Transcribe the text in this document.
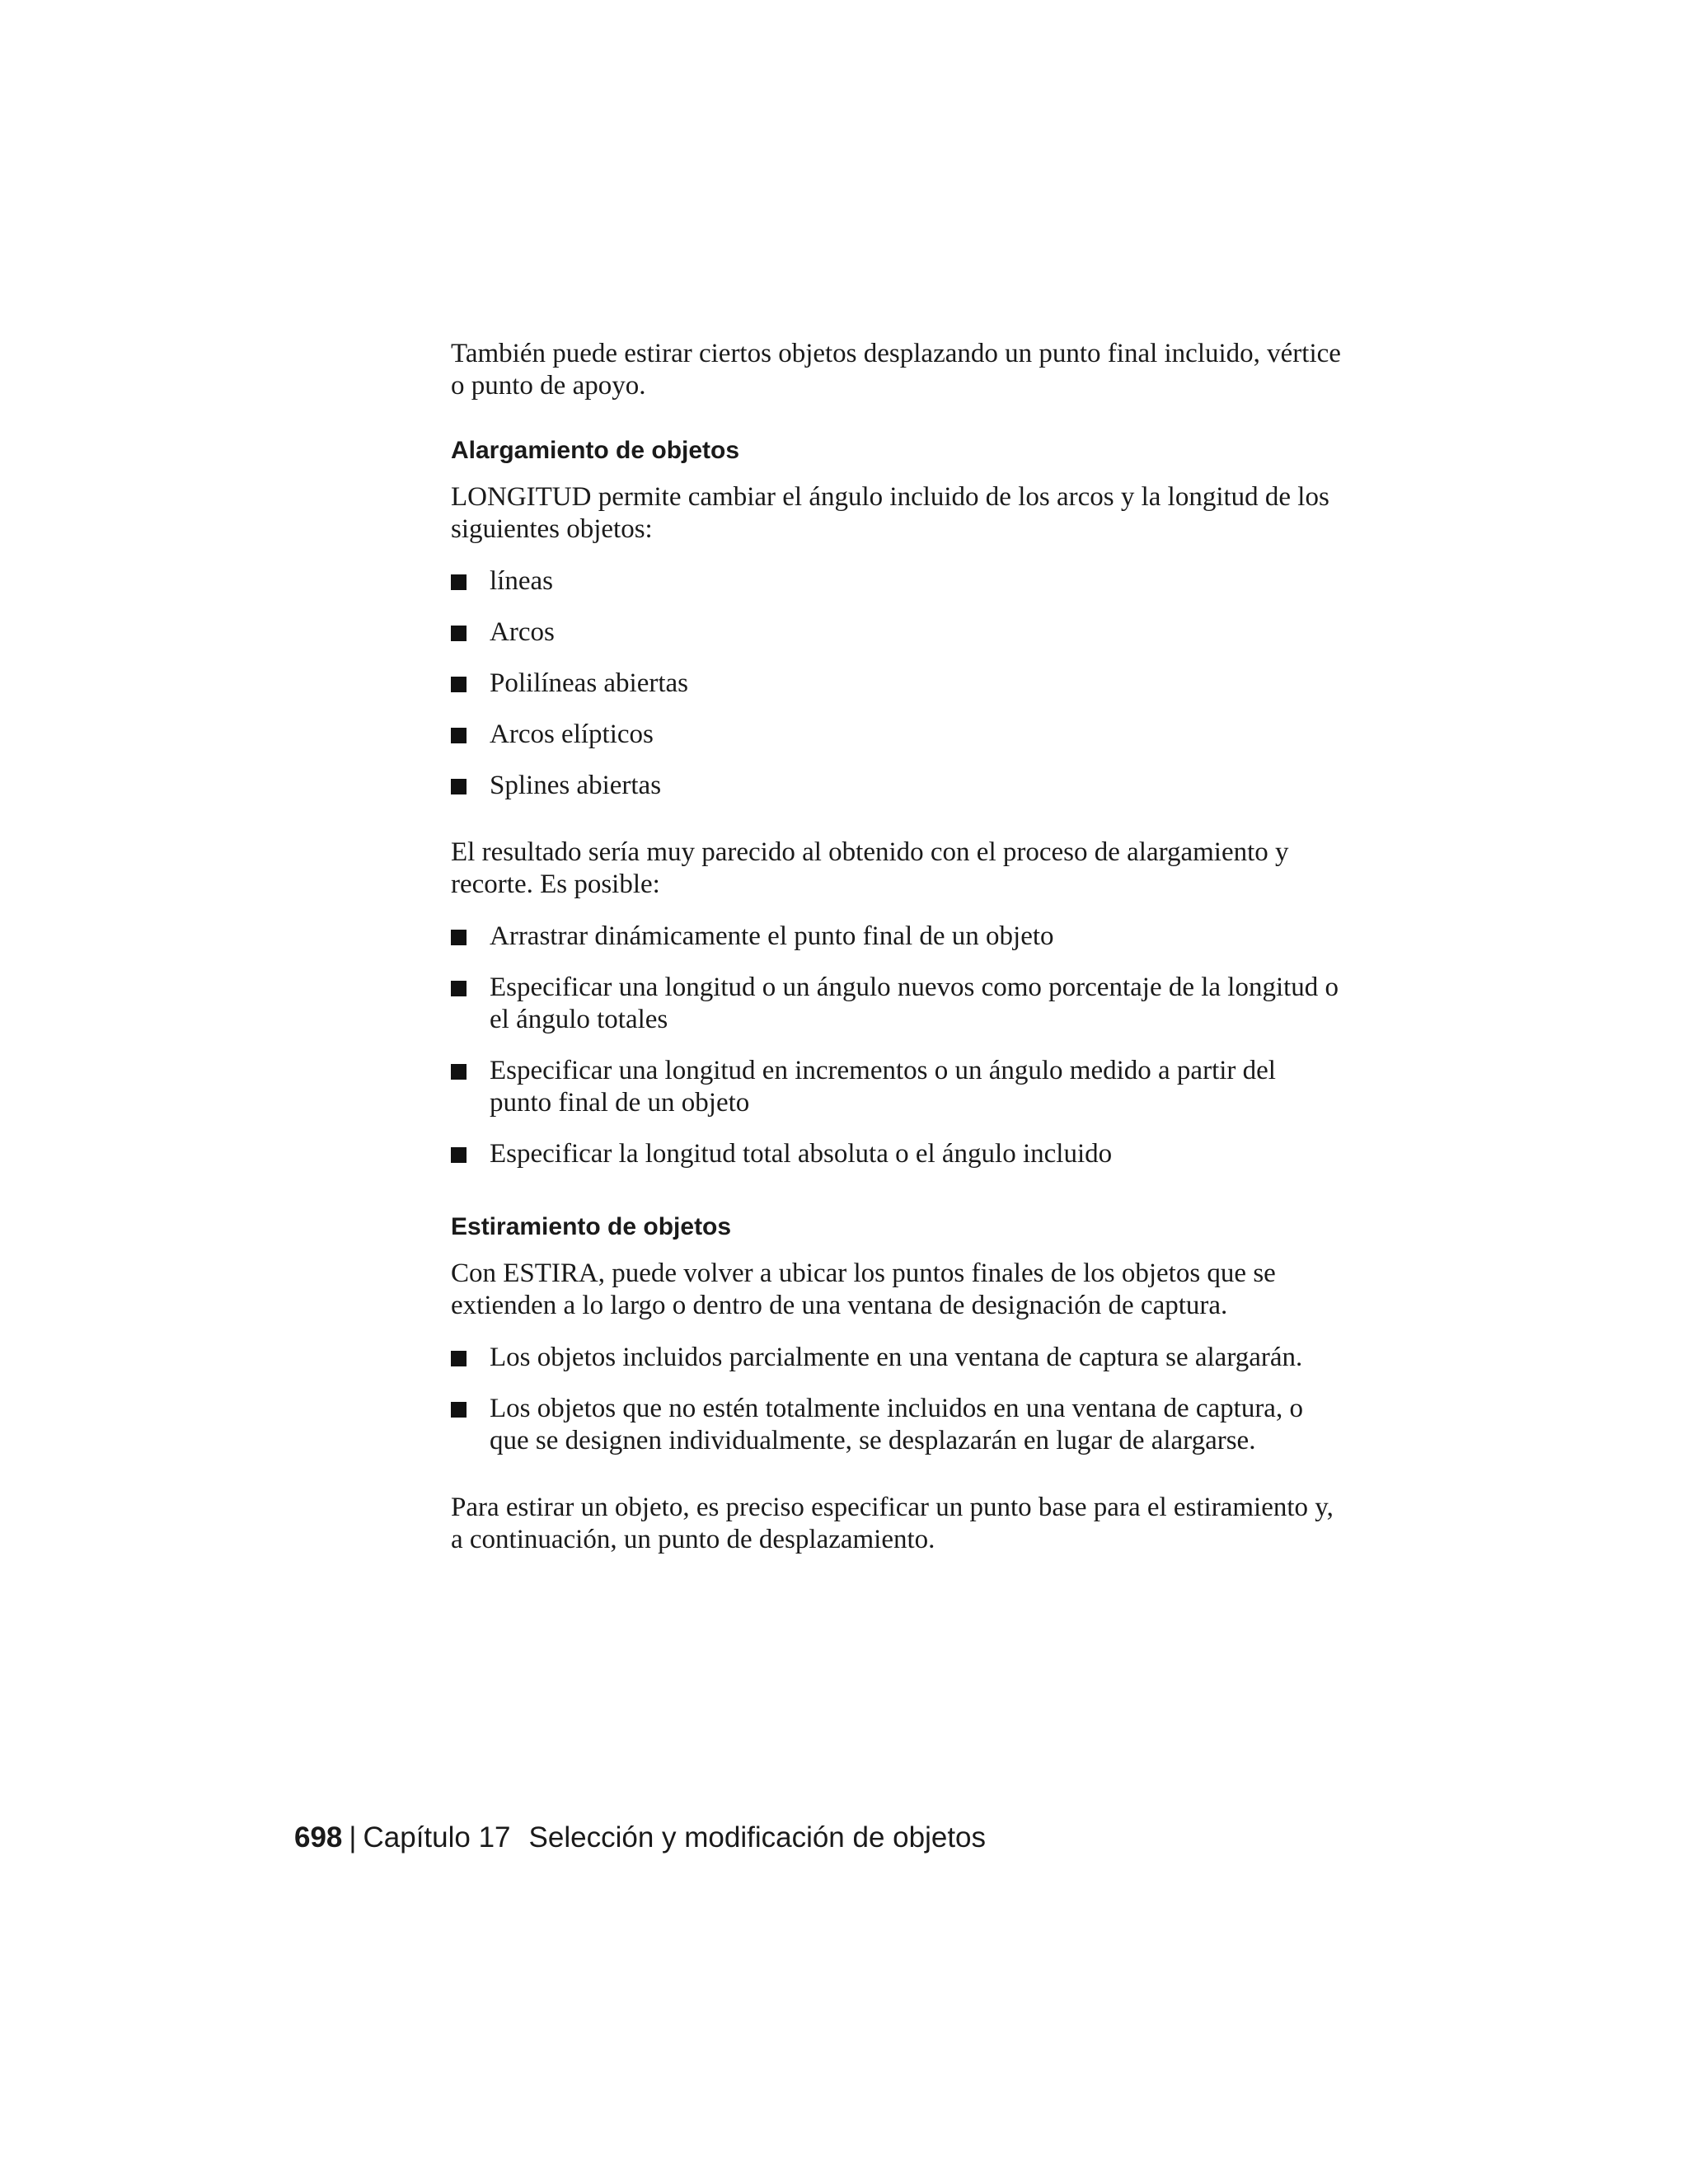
También puede estirar ciertos objetos desplazando un punto final incluido, vértice o punto de apoyo.

Alargamiento de objetos

LONGITUD permite cambiar el ángulo incluido de los arcos y la longitud de los siguientes objetos:

líneas
Arcos
Polilíneas abiertas
Arcos elípticos
Splines abiertas

El resultado sería muy parecido al obtenido con el proceso de alargamiento y recorte. Es posible:

Arrastrar dinámicamente el punto final de un objeto
Especificar una longitud o un ángulo nuevos como porcentaje de la longitud o el ángulo totales
Especificar una longitud en incrementos o un ángulo medido a partir del punto final de un objeto
Especificar la longitud total absoluta o el ángulo incluido
Estiramiento de objetos

Con ESTIRA, puede volver a ubicar los puntos finales de los objetos que se extienden a lo largo o dentro de una ventana de designación de captura.

Los objetos incluidos parcialmente en una ventana de captura se alargarán.
Los objetos que no estén totalmente incluidos en una ventana de captura, o que se designen individualmente, se desplazarán en lugar de alargarse.

Para estirar un objeto, es preciso especificar un punto base para el estiramiento y, a continuación, un punto de desplazamiento.

698 | Capítulo 17 Selección y modificación de objetos
